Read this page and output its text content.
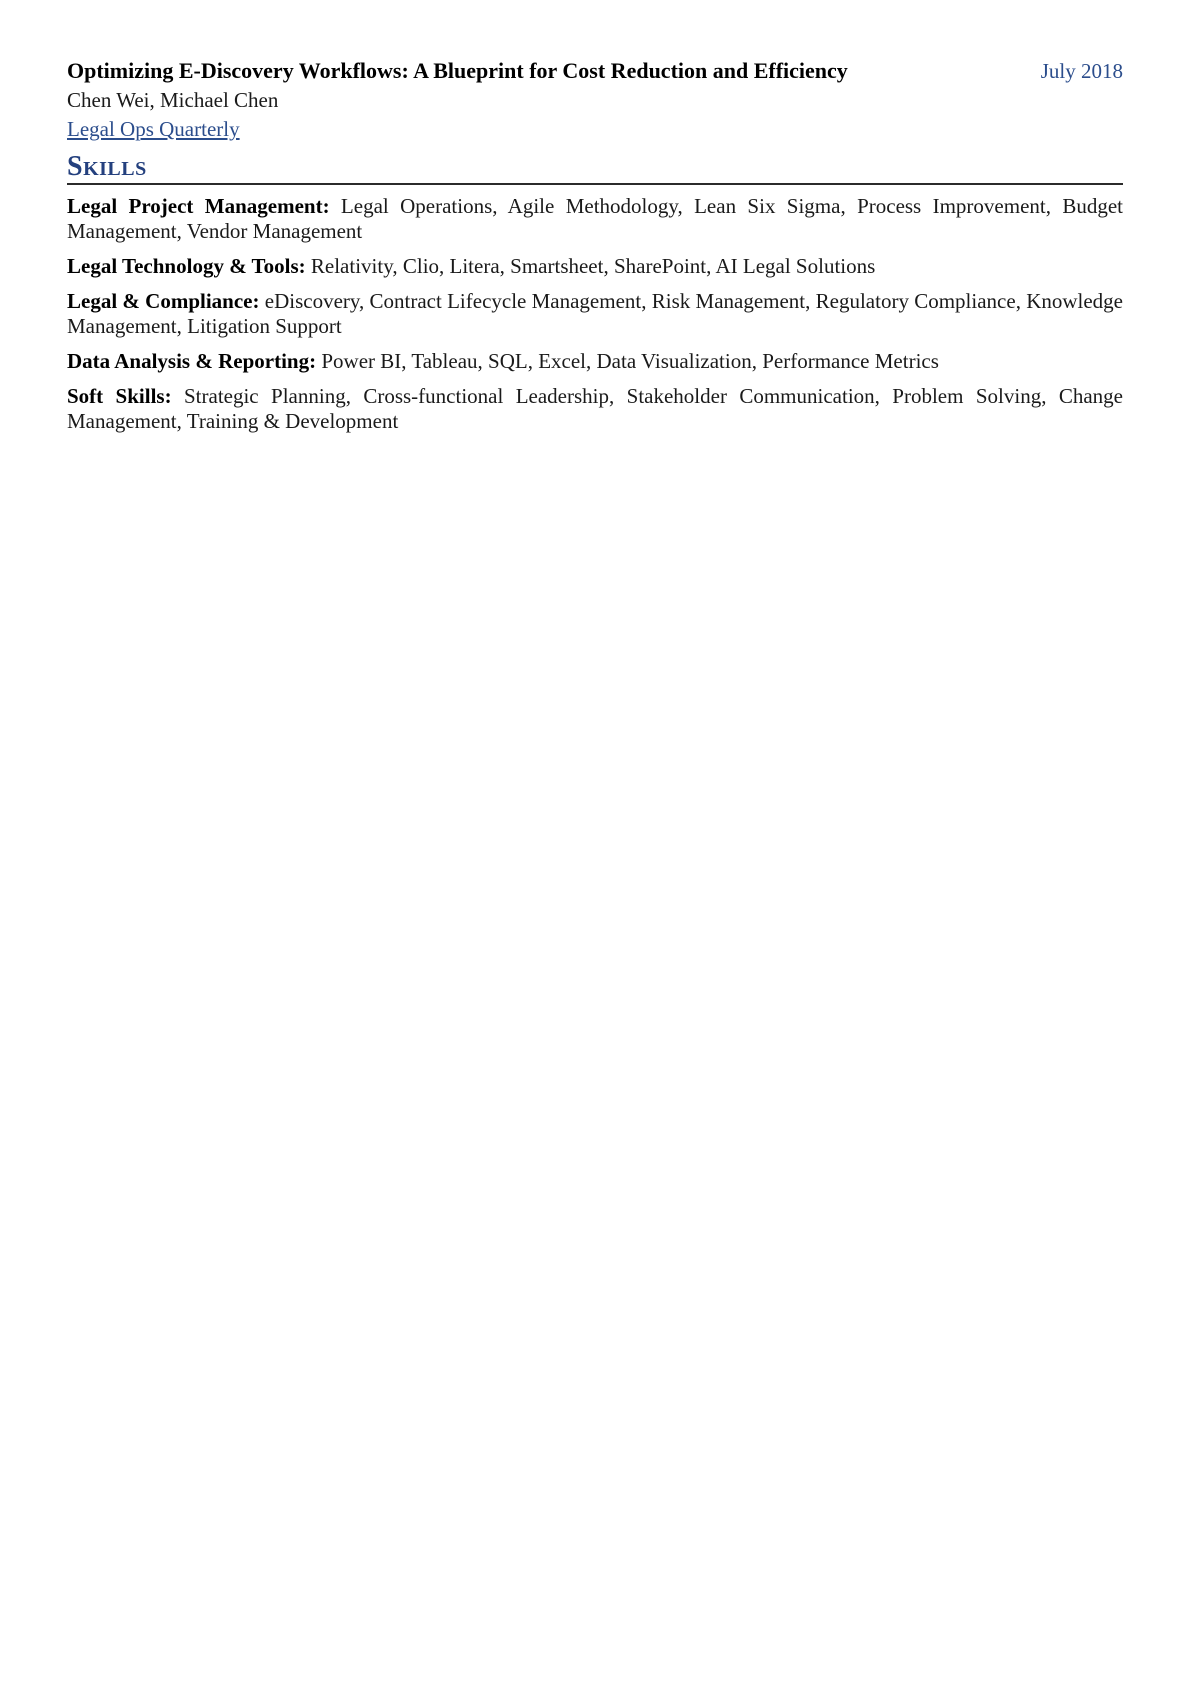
Optimizing E-Discovery Workflows: A Blueprint for Cost Reduction and Efficiency	July 2018
Chen Wei, Michael Chen
Legal Ops Quarterly
Skills

Legal Project Management: Legal Operations, Agile Methodology, Lean Six Sigma, Process Improvement, Budget Management, Vendor Management

Legal Technology & Tools: Relativity, Clio, Litera, Smartsheet, SharePoint, AI Legal Solutions

Legal & Compliance: eDiscovery, Contract Lifecycle Management, Risk Management, Regulatory Compliance, Knowledge Management, Litigation Support

Data Analysis & Reporting: Power BI, Tableau, SQL, Excel, Data Visualization, Performance Metrics

Soft Skills: Strategic Planning, Cross-functional Leadership, Stakeholder Communication, Problem Solving, Change Management, Training & Development
